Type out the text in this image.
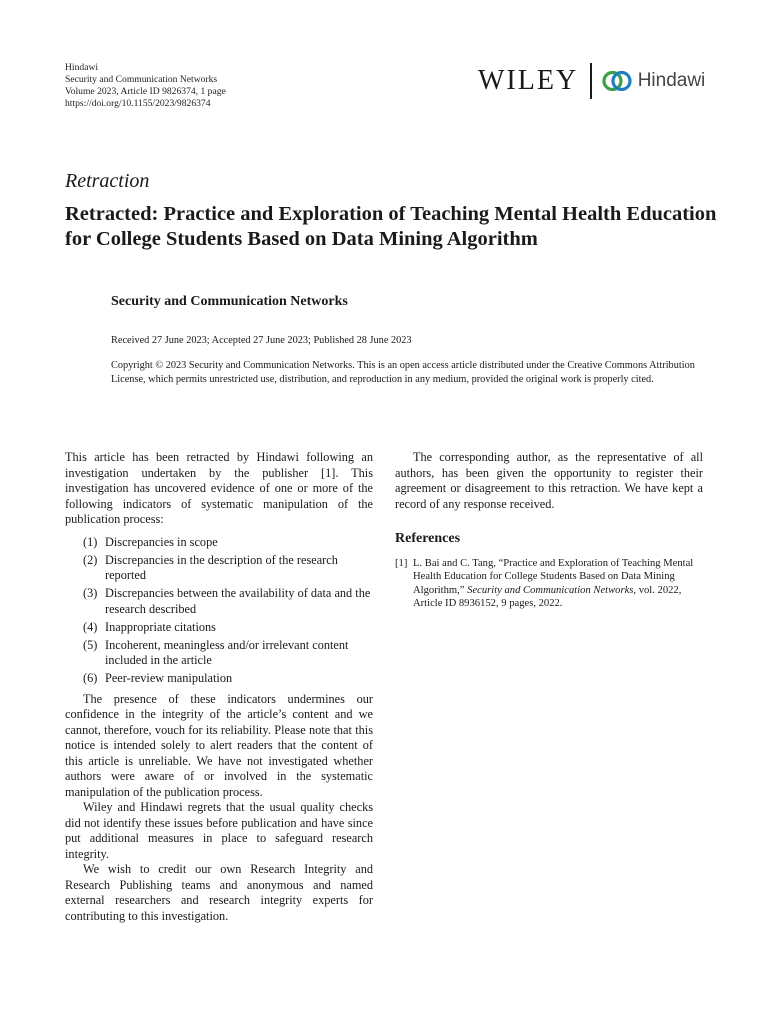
Hindawi
Security and Communication Networks
Volume 2023, Article ID 9826374, 1 page
https://doi.org/10.1155/2023/9826374
WILEY	Hindawi
Retraction
Retracted: Practice and Exploration of Teaching Mental Health Education for College Students Based on Data Mining Algorithm
Security and Communication Networks
Received 27 June 2023; Accepted 27 June 2023; Published 28 June 2023
Copyright © 2023 Security and Communication Networks. This is an open access article distributed under the Creative Commons Attribution License, which permits unrestricted use, distribution, and reproduction in any medium, provided the original work is properly cited.

This article has been retracted by Hindawi following an investigation undertaken by the publisher [1]. This investigation has uncovered evidence of one or more of the following indicators of systematic manipulation of the publication process:

(1) Discrepancies in scope
(2) Discrepancies in the description of the research reported
(3) Discrepancies between the availability of data and the research described
(4) Inappropriate citations
(5) Incoherent, meaningless and/or irrelevant content included in the article
(6) Peer-review manipulation

The presence of these indicators undermines our confidence in the integrity of the article’s content and we cannot, therefore, vouch for its reliability. Please note that this notice is intended solely to alert readers that the content of this article is unreliable. We have not investigated whether authors were aware of or involved in the systematic manipulation of the publication process.

Wiley and Hindawi regrets that the usual quality checks did not identify these issues before publication and have since put additional measures in place to safeguard research integrity.

We wish to credit our own Research Integrity and Research Publishing teams and anonymous and named external researchers and research integrity experts for contributing to this investigation.

The corresponding author, as the representative of all authors, has been given the opportunity to register their agreement or disagreement to this retraction. We have kept a record of any response received.

References
[1] L. Bai and C. Tang, “Practice and Exploration of Teaching Mental Health Education for College Students Based on Data Mining Algorithm,” Security and Communication Networks, vol. 2022, Article ID 8936152, 9 pages, 2022.
